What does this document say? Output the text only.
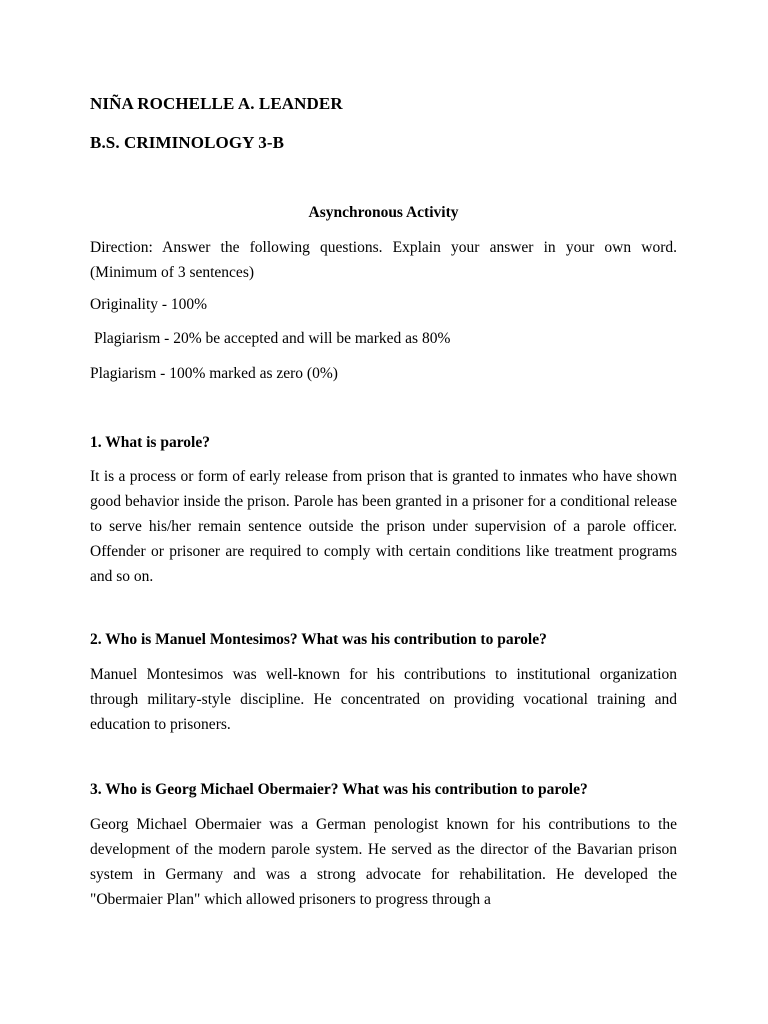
NIÑA ROCHELLE A. LEANDER
B.S. CRIMINOLOGY 3-B
Asynchronous Activity
Direction: Answer the following questions. Explain your answer in your own word. (Minimum of 3 sentences)
Originality - 100%
Plagiarism - 20% be accepted and will be marked as 80%
Plagiarism - 100% marked as zero (0%)
1. What is parole?
It is a process or form of early release from prison that is granted to inmates who have shown good behavior inside the prison. Parole has been granted in a prisoner for a conditional release to serve his/her remain sentence outside the prison under supervision of a parole officer. Offender or prisoner are required to comply with certain conditions like treatment programs and so on.
2. Who is Manuel Montesimos? What was his contribution to parole?
Manuel Montesimos was well-known for his contributions to institutional organization through military-style discipline. He concentrated on providing vocational training and education to prisoners.
3. Who is Georg Michael Obermaier? What was his contribution to parole?
Georg Michael Obermaier was a German penologist known for his contributions to the development of the modern parole system. He served as the director of the Bavarian prison system in Germany and was a strong advocate for rehabilitation. He developed the "Obermaier Plan" which allowed prisoners to progress through a
